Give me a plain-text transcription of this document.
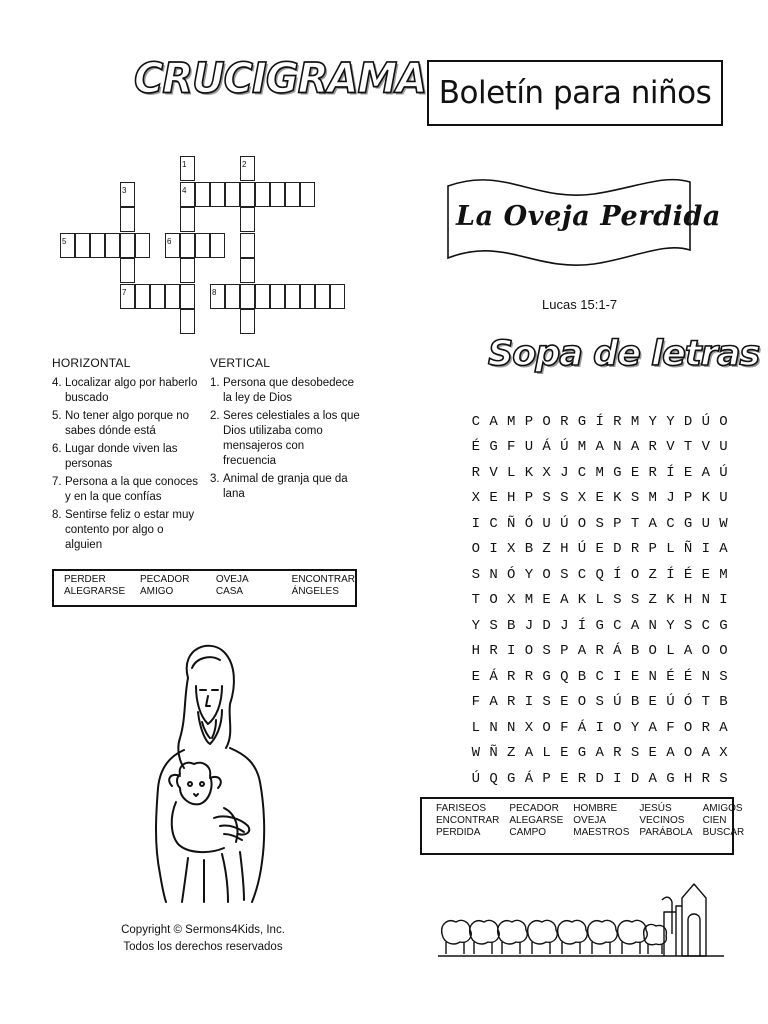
CRUCIGRAMA
1	2
3	4
5	6
7	8
HORIZONTAL
4. Localizar algo por haberlo buscado
5. No tener algo porque no sabes dónde está
6. Lugar donde viven las personas
7. Persona a la que conoces y en la que confías
8. Sentirse feliz o estar muy contento por algo o alguien
VERTICAL
1. Persona que desobedece la ley de Dios
2. Seres celestiales a los que Dios utilizaba como mensajeros con frecuencia
3. Animal de granja que da lana
PERDER	PECADOR	OVEJA	ENCONTRAR
ALEGRARSE	AMIGO	CASA	ÁNGELES
Copyright © Sermons4Kids, Inc.
Todos los derechos reservados
Boletín para niños
La Oveja Perdida
Lucas 15:1-7
Sopa de letras
C A M P O R G Í R M Y Y D Ú O
É G F U Á Ú M A N A R V T V U
R V L K X J C M G E R Í E A Ú
X E H P S S X E K S M J P K U
I C Ñ Ó U Ú O S P T A C G U W
O I X B Z H Ú E D R P L Ñ I A
S N Ó Y O S C Q Í O Z Í É E M
T O X M E A K L S S Z K H N I
Y S B J D J Í G C A N Y S C G
H R I O S P A R Á B O L A O O
E Á R R G Q B C I E N É É N S
F A R I S E O S Ú B E Ú Ó T B
L N N X O F Á I O Y A F O R A
W Ñ Z A L E G A R S E A O A X
Ú Q G Á P E R D I D A G H R S
FARISEOS	PECADOR	HOMBRE	JESÚS	AMIGOS
ENCONTRAR	ALEGARSE	OVEJA	VECINOS	CIEN
PERDIDA	CAMPO	MAESTROS	PARÁBOLA	BUSCAR
